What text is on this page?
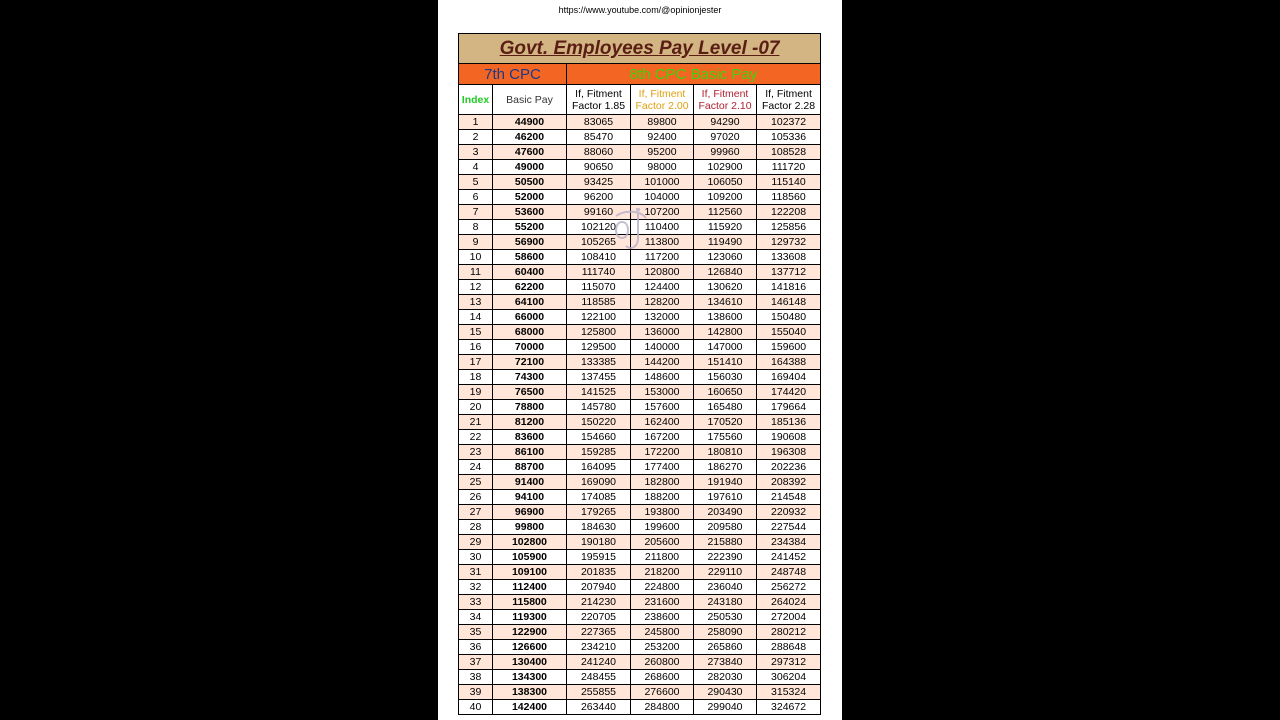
https://www.youtube.com/@opinionjester
Govt. Employees Pay Level -07					
7th CPC		8th CPC Basic Pay			
Index	Basic Pay	If, Fitment Factor 1.85	If, Fitment Factor 2.00	If, Fitment Factor 2.10	If, Fitment Factor 2.28
1	44900	83065	89800	94290	102372
2	46200	85470	92400	97020	105336
3	47600	88060	95200	99960	108528
4	49000	90650	98000	102900	111720
5	50500	93425	101000	106050	115140
6	52000	96200	104000	109200	118560
7	53600	99160	107200	112560	122208
8	55200	102120	110400	115920	125856
9	56900	105265	113800	119490	129732
10	58600	108410	117200	123060	133608
11	60400	111740	120800	126840	137712
12	62200	115070	124400	130620	141816
13	64100	118585	128200	134610	146148
14	66000	122100	132000	138600	150480
15	68000	125800	136000	142800	155040
16	70000	129500	140000	147000	159600
17	72100	133385	144200	151410	164388
18	74300	137455	148600	156030	169404
19	76500	141525	153000	160650	174420
20	78800	145780	157600	165480	179664
21	81200	150220	162400	170520	185136
22	83600	154660	167200	175560	190608
23	86100	159285	172200	180810	196308
24	88700	164095	177400	186270	202236
25	91400	169090	182800	191940	208392
26	94100	174085	188200	197610	214548
27	96900	179265	193800	203490	220932
28	99800	184630	199600	209580	227544
29	102800	190180	205600	215880	234384
30	105900	195915	211800	222390	241452
31	109100	201835	218200	229110	248748
32	112400	207940	224800	236040	256272
33	115800	214230	231600	243180	264024
34	119300	220705	238600	250530	272004
35	122900	227365	245800	258090	280212
36	126600	234210	253200	265860	288648
37	130400	241240	260800	273840	297312
38	134300	248455	268600	282030	306204
39	138300	255855	276600	290430	315324
40	142400	263440	284800	299040	324672
